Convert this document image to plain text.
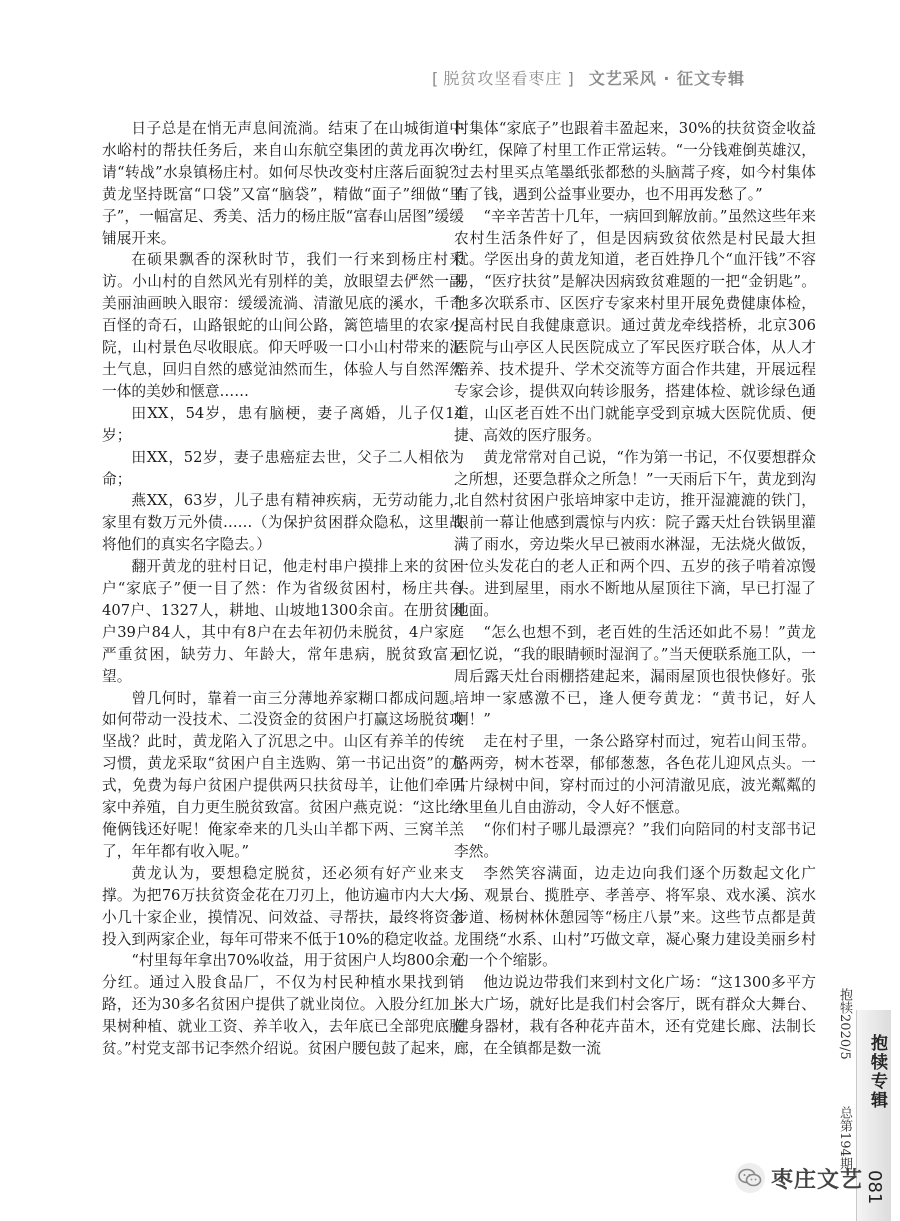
[ 脱贫攻坚看枣庄 ] 文艺采风 · 征文专辑

日子总是在悄无声息间流淌。结束了在山城街道中水峪村的帮扶任务后，来自山东航空集团的黄龙再次申请“转战”水泉镇杨庄村。如何尽快改变村庄落后面貌？黄龙坚持既富“口袋”又富“脑袋”，精做“面子”细做“里子”，一幅富足、秀美、活力的杨庄版“富春山居图”缓缓铺展开来。

在硕果飘香的深秋时节，我们一行来到杨庄村采访。小山村的自然风光有别样的美，放眼望去俨然一副美丽油画映入眼帘：缓缓流淌、清澈见底的溪水，千奇百怪的奇石，山路银蛇的山间公路，篱笆墙里的农家小院，山村景色尽收眼底。仰天呼吸一口小山村带来的泥土气息，回归自然的感觉油然而生，体验人与自然浑然一体的美妙和惬意……

田XX，54岁，患有脑梗，妻子离婚，儿子仅14岁；

田XX，52岁，妻子患癌症去世，父子二人相依为命；

燕XX，63岁，儿子患有精神疾病，无劳动能力，家里有数万元外债……（为保护贫困群众隐私，这里故将他们的真实名字隐去。）

翻开黄龙的驻村日记，他走村串户摸排上来的贫困户“家底子”便一目了然：作为省级贫困村，杨庄共有407户、1327人，耕地、山坡地1300余亩。在册贫困户39户84人，其中有8户在去年初仍未脱贫，4户家庭严重贫困，缺劳力、年龄大，常年患病，脱贫致富无望。

曾几何时，靠着一亩三分薄地养家糊口都成问题。如何带动一没技术、二没资金的贫困户打赢这场脱贫攻坚战？此时，黄龙陷入了沉思之中。山区有养羊的传统习惯，黄龙采取“贫困户自主选购、第一书记出资”的方式，免费为每户贫困户提供两只扶贫母羊，让他们牵回家中养殖，自力更生脱贫致富。贫困户燕克说：“这比给俺俩钱还好呢！俺家牵来的几头山羊都下两、三窝羊羔了，年年都有收入呢。”

黄龙认为，要想稳定脱贫，还必须有好产业来支撑。为把76万扶贫资金花在刀刃上，他访遍市内大大小小几十家企业，摸情况、问效益、寻帮扶，最终将资金投入到两家企业，每年可带来不低于10%的稳定收益。

“村里每年拿出70%收益，用于贫困户人均800余元分红。通过入股食品厂，不仅为村民种植水果找到销路，还为30多名贫困户提供了就业岗位。入股分红加上果树种植、就业工资、养羊收入，去年底已全部兜底脱贫。”村党支部书记李然介绍说。贫困户腰包鼓了起来，

村集体“家底子”也跟着丰盈起来，30%的扶贫资金收益分红，保障了村里工作正常运转。“一分钱难倒英雄汉，过去村里买点笔墨纸张都愁的头脑蒿子疼，如今村集体有了钱，遇到公益事业要办，也不用再发愁了。”

“辛辛苦苦十几年，一病回到解放前。”虽然这些年来农村生活条件好了，但是因病致贫依然是村民最大担忧。学医出身的黄龙知道，老百姓挣几个“血汗钱”不容易，“医疗扶贫”是解决因病致贫难题的一把“金钥匙”。他多次联系市、区医疗专家来村里开展免费健康体检，提高村民自我健康意识。通过黄龙牵线搭桥，北京306医院与山亭区人民医院成立了军民医疗联合体，从人才培养、技术提升、学术交流等方面合作共建，开展远程专家会诊，提供双向转诊服务，搭建体检、就诊绿色通道，山区老百姓不出门就能享受到京城大医院优质、便捷、高效的医疗服务。

黄龙常常对自己说，“作为第一书记，不仅要想群众之所想，还要急群众之所急！”一天雨后下午，黄龙到沟北自然村贫困户张培坤家中走访，推开湿漉漉的铁门，眼前一幕让他感到震惊与内疚：院子露天灶台铁锅里灌满了雨水，旁边柴火早已被雨水淋湿，无法烧火做饭，一位头发花白的老人正和两个四、五岁的孩子啃着凉馒头。进到屋里，雨水不断地从屋顶往下滴，早已打湿了地面。

“怎么也想不到，老百姓的生活还如此不易！”黄龙回忆说，“我的眼睛顿时湿润了。”当天便联系施工队，一周后露天灶台雨棚搭建起来，漏雨屋顶也很快修好。张培坤一家感激不已，逢人便夸黄龙：“黄书记，好人啊！”

走在村子里，一条公路穿村而过，宛若山间玉带。路两旁，树木苍翠，郁郁葱葱，各色花儿迎风点头。一片片绿树中间，穿村而过的小河清澈见底，波光粼粼的水里鱼儿自由游动，令人好不惬意。

“你们村子哪儿最漂亮？”我们向陪同的村支部书记李然。

李然笑容满面，边走边向我们逐个历数起文化广场、观景台、揽胜亭、孝善亭、将军泉、戏水溪、滨水步道、杨树林休憩园等“杨庄八景”来。这些节点都是黄龙围绕“水系、山村”巧做文章，凝心聚力建设美丽乡村的一个个缩影。

他边说边带我们来到村文化广场：“这1300多平方米大广场，就好比是我们村会客厅，既有群众大舞台、健身器材，栽有各种花卉苗木，还有党建长廊、法制长廊，在全镇都是数一流	抱犊2020/5 总第194期
抱犊专辑
081
枣庄文艺
